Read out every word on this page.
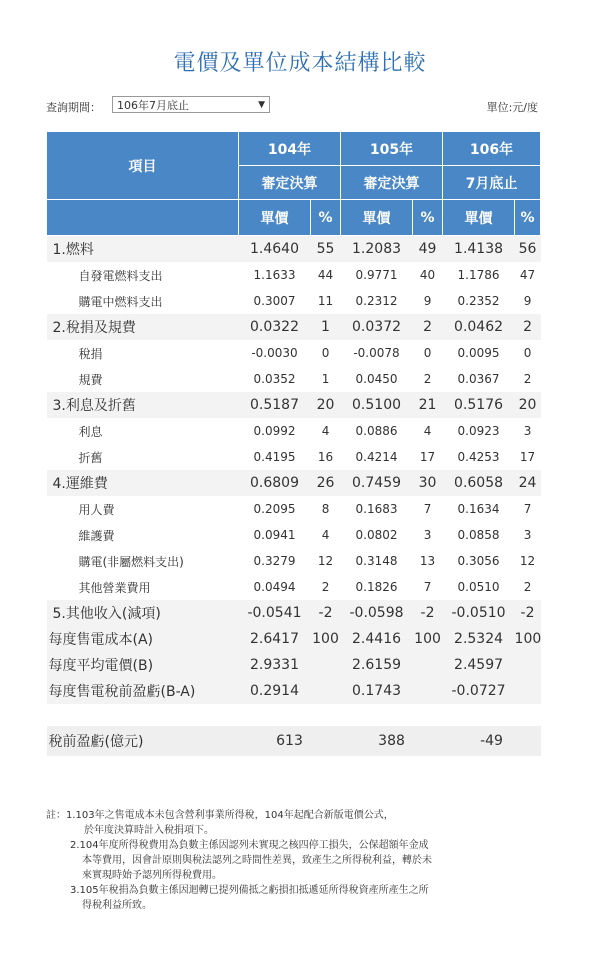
電價及單位成本結構比較
查詢期間：	106年7月底止	▼	單位:元/度
項目	104年		105年		106年	
	審定決算		審定決算		7月底止	
	單價	%	單價	%	單價	%
1.燃料	1.4640	55	1.2083	49	1.4138	56
自發電燃料支出	1.1633	44	0.9771	40	1.1786	47
購電中燃料支出	0.3007	11	0.2312	9	0.2352	9
2.稅捐及規費	0.0322	1	0.0372	2	0.0462	2
稅捐	-0.0030	0	-0.0078	0	0.0095	0
規費	0.0352	1	0.0450	2	0.0367	2
3.利息及折舊	0.5187	20	0.5100	21	0.5176	20
利息	0.0992	4	0.0886	4	0.0923	3
折舊	0.4195	16	0.4214	17	0.4253	17
4.運維費	0.6809	26	0.7459	30	0.6058	24
用人費	0.2095	8	0.1683	7	0.1634	7
維護費	0.0941	4	0.0802	3	0.0858	3
購電(非屬燃料支出)	0.3279	12	0.3148	13	0.3056	12
其他營業費用	0.0494	2	0.1826	7	0.0510	2
5.其他收入(減項)	-0.0541	-2	-0.0598	-2	-0.0510	-2
每度售電成本(A)	2.6417	100	2.4416	100	2.5324	100
每度平均電價(B)	2.9331		2.6159		2.4597	
每度售電稅前盈虧(B-A)	0.2914		0.1743		-0.0727	

稅前盈虧(億元)	613		388		-49	
註：1.103年之售電成本未包含營利事業所得稅，104年起配合新版電價公式，
於年度決算時計入稅捐項下。
2.104年度所得稅費用為負數主係因認列未實現之核四停工損失，公保超額年金成
本等費用，因會計原則與稅法認列之時間性差異，致產生之所得稅利益，轉於未
來實現時始予認列所得稅費用。
3.105年稅捐為負數主係因迴轉已提列備抵之虧損扣抵遞延所得稅資產所產生之所
得稅利益所致。
